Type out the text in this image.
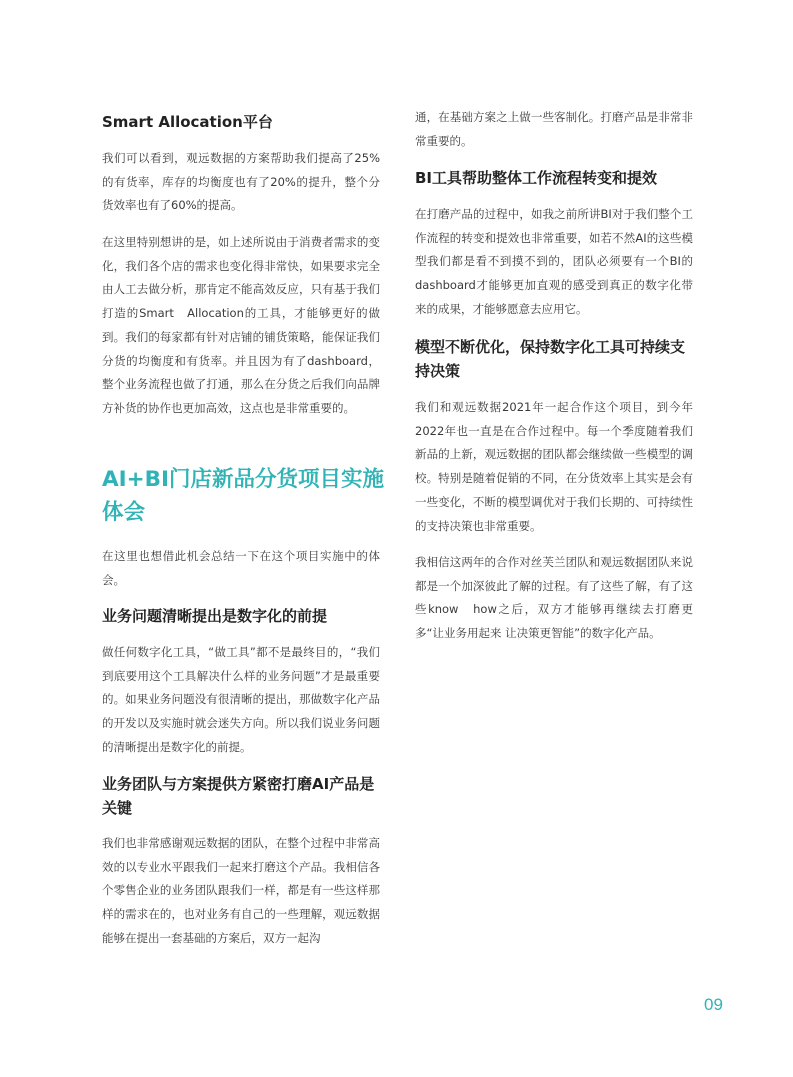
Smart Allocation平台

我们可以看到，观远数据的方案帮助我们提高了25%的有货率，库存的均衡度也有了20%的提升，整个分货效率也有了60%的提高。

在这里特别想讲的是，如上述所说由于消费者需求的变化，我们各个店的需求也变化得非常快，如果要求完全由人工去做分析，那肯定不能高效反应，只有基于我们打造的Smart　Allocation的工具，才能够更好的做到。我们的每家都有针对店铺的铺货策略，能保证我们分货的均衡度和有货率。并且因为有了dashboard，整个业务流程也做了打通，那么在分货之后我们向品牌方补货的协作也更加高效，这点也是非常重要的。

AI+BI门店新品分货项目实施体会

在这里也想借此机会总结一下在这个项目实施中的体会。

业务问题清晰提出是数字化的前提

做任何数字化工具，“做工具”都不是最终目的，“我们到底要用这个工具解决什么样的业务问题”才是最重要的。如果业务问题没有很清晰的提出，那做数字化产品的开发以及实施时就会迷失方向。所以我们说业务问题的清晰提出是数字化的前提。

业务团队与方案提供方紧密打磨AI产品是关键

我们也非常感谢观远数据的团队，在整个过程中非常高效的以专业水平跟我们一起来打磨这个产品。我相信各个零售企业的业务团队跟我们一样，都是有一些这样那样的需求在的，也对业务有自己的一些理解，观远数据能够在提出一套基础的方案后，双方一起沟

通，在基础方案之上做一些客制化。打磨产品是非常非常重要的。

BI工具帮助整体工作流程转变和提效

在打磨产品的过程中，如我之前所讲BI对于我们整个工作流程的转变和提效也非常重要，如若不然AI的这些模型我们都是看不到摸不到的，团队必须要有一个BI的dashboard才能够更加直观的感受到真正的数字化带来的成果，才能够愿意去应用它。

模型不断优化，保持数字化工具可持续支持决策

我们和观远数据2021年一起合作这个项目，到今年2022年也一直是在合作过程中。每一个季度随着我们新品的上新，观远数据的团队都会继续做一些模型的调校。特别是随着促销的不同，在分货效率上其实是会有一些变化，不断的模型调优对于我们长期的、可持续性的支持决策也非常重要。

我相信这两年的合作对丝芙兰团队和观远数据团队来说都是一个加深彼此了解的过程。有了这些了解，有了这些know　how之后，双方才能够再继续去打磨更多“让业务用起来 让决策更智能”的数字化产品。

09
